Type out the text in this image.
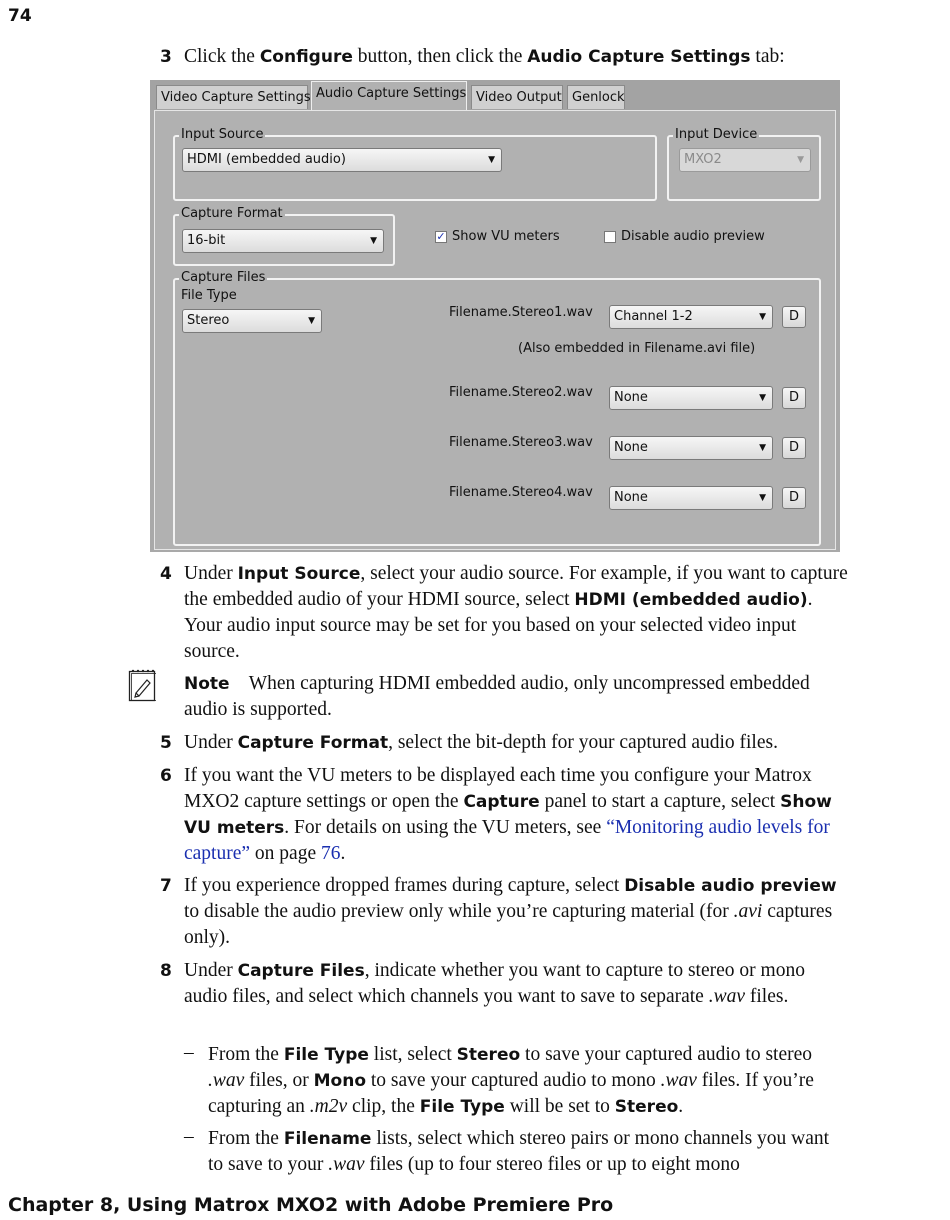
74
3 Click the Configure button, then click the Audio Capture Settings tab:
Video Capture Settings Audio Capture Settings Video Output Genlock
Input Source
HDMI (embedded audio)	▼
Input Device
MXO2	▼
Capture Format
16-bit	▼	✓ Show VU meters	Disable audio preview
Capture Files
File Type
Stereo	▼
Filename.Stereo1.wav	Channel 1-2	▼	D
(Also embedded in Filename.avi file)
Filename.Stereo2.wav	None	▼	D
Filename.Stereo3.wav	None	▼	D
Filename.Stereo4.wav	None	▼	D
4 Under Input Source, select your audio source. For example, if you want to capture the embedded audio of your HDMI source, select HDMI (embedded audio). Your audio input source may be set for you based on your selected video input source.
Note When capturing HDMI embedded audio, only uncompressed embedded audio is supported.
5 Under Capture Format, select the bit-depth for your captured audio files.
6 If you want the VU meters to be displayed each time you configure your Matrox MXO2 capture settings or open the Capture panel to start a capture, select Show VU meters. For details on using the VU meters, see “Monitoring audio levels for capture” on page 76.
7 If you experience dropped frames during capture, select Disable audio preview to disable the audio preview only while you’re capturing material (for .avi captures only).
8 Under Capture Files, indicate whether you want to capture to stereo or mono audio files, and select which channels you want to save to separate .wav files.
– From the File Type list, select Stereo to save your captured audio to stereo .wav files, or Mono to save your captured audio to mono .wav files. If you’re capturing an .m2v clip, the File Type will be set to Stereo.
– From the Filename lists, select which stereo pairs or mono channels you want to save to your .wav files (up to four stereo files or up to eight mono
Chapter 8, Using Matrox MXO2 with Adobe Premiere Pro
